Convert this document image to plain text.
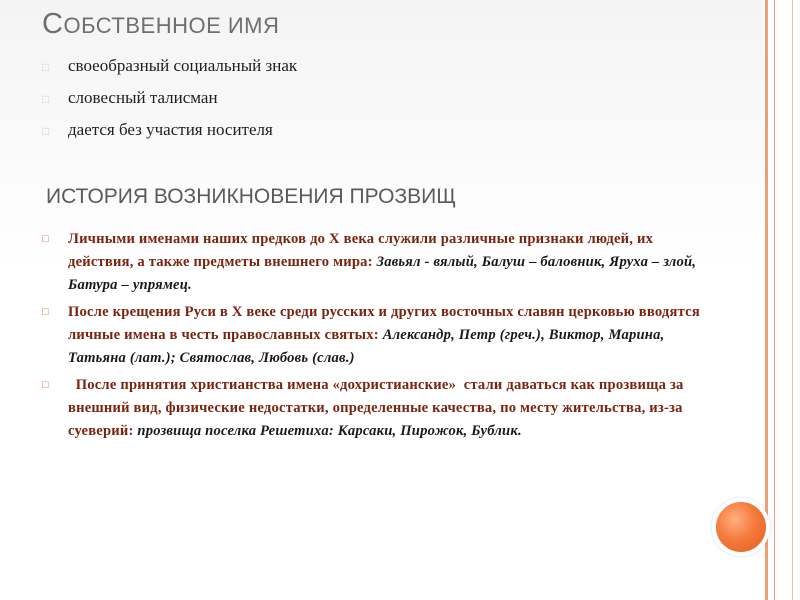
СОБСТВЕННОЕ ИМЯ
□	своеобразный социальный знак
□	словесный талисман
□	дается без участия носителя
ИСТОРИЯ ВОЗНИКНОВЕНИЯ ПРОЗВИЩ
□	Личными именами наших предков до X века служили различные признаки людей, их действия, а также предметы внешнего мира: Завьял - вялый, Балуш – баловник, Яруха – злой, Батура – упрямец.
□	После крещения Руси в X веке среди русских и других восточных славян церковью вводятся личные имена в честь православных святых: Александр, Петр (греч.), Виктор, Марина, Татьяна (лат.); Святослав, Любовь (слав.)
□	После принятия христианства имена «дохристианские»  стали даваться как прозвища за внешний вид, физические недостатки, определенные качества, по месту жительства, из-за суеверий: прозвища поселка Решетиха: Карсаки, Пирожок, Бублик.
